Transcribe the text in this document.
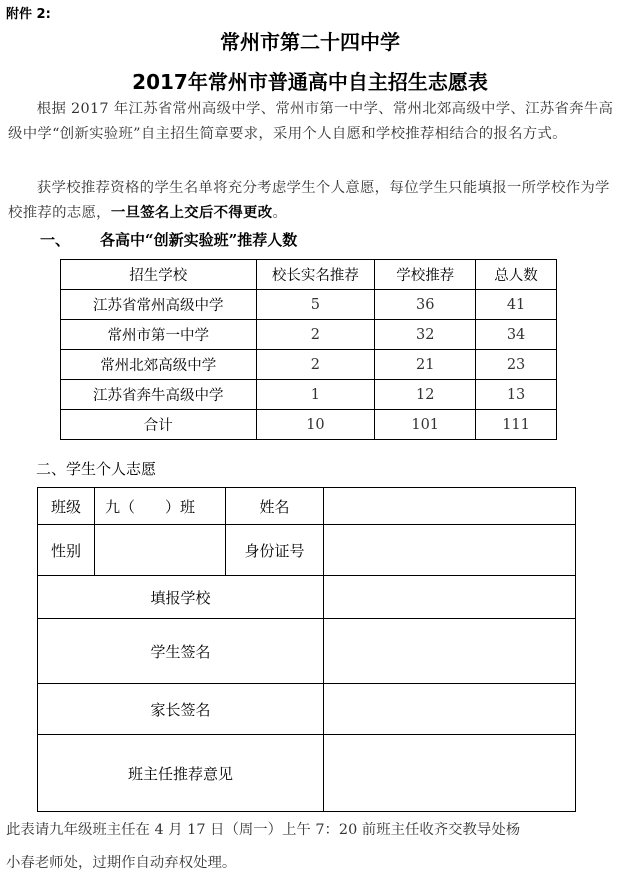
附件 2:
常州市第二十四中学
2017年常州市普通高中自主招生志愿表
根据 2017 年江苏省常州高级中学、常州市第一中学、常州北郊高级中学、江苏省奔牛高级中学“创新实验班”自主招生简章要求，采用个人自愿和学校推荐相结合的报名方式。
获学校推荐资格的学生名单将充分考虑学生个人意愿，每位学生只能填报一所学校作为学校推荐的志愿，一旦签名上交后不得更改。
一、 各高中“创新实验班”推荐人数
招生学校	校长实名推荐	学校推荐	总人数
江苏省常州高级中学	5	36	41
常州市第一中学	2	32	34
常州北郊高级中学	2	21	23
江苏省奔牛高级中学	1	12	13
合计	10	101	111
二、学生个人志愿
班级	九（　　）班	姓名	
性别		身份证号	
填报学校			
学生签名			
家长签名			
班主任推荐意见			
此表请九年级班主任在 4 月 17 日（周一）上午 7：20 前班主任收齐交教导处杨
小春老师处，过期作自动弃权处理。
